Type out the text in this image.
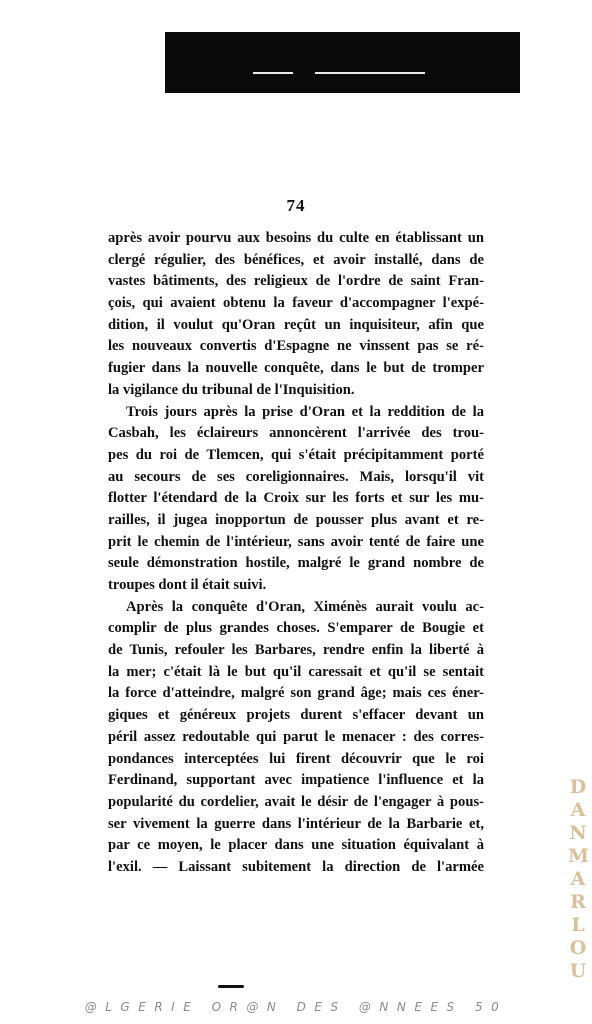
74
après avoir pourvu aux besoins du culte en établissant un
clergé régulier, des bénéfices, et avoir installé, dans de
vastes bâtiments, des religieux de l'ordre de saint Fran-
çois, qui avaient obtenu la faveur d'accompagner l'expé-
dition, il voulut qu'Oran reçût un inquisiteur, afin que
les nouveaux convertis d'Espagne ne vinssent pas se ré-
fugier dans la nouvelle conquête, dans le but de tromper
la vigilance du tribunal de l'Inquisition.
Trois jours après la prise d'Oran et la reddition de la
Casbah, les éclaireurs annoncèrent l'arrivée des trou-
pes du roi de Tlemcen, qui s'était précipitamment porté
au secours de ses coreligionnaires. Mais, lorsqu'il vit
flotter l'étendard de la Croix sur les forts et sur les mu-
railles, il jugea inopportun de pousser plus avant et re-
prit le chemin de l'intérieur, sans avoir tenté de faire une
seule démonstration hostile, malgré le grand nombre de
troupes dont il était suivi.
Après la conquête d'Oran, Ximénès aurait voulu ac-
complir de plus grandes choses. S'emparer de Bougie et
de Tunis, refouler les Barbares, rendre enfin la liberté à
la mer; c'était là le but qu'il caressait et qu'il se sentait
la force d'atteindre, malgré son grand âge; mais ces éner-
giques et généreux projets durent s'effacer devant un
péril assez redoutable qui parut le menacer : des corres-
pondances interceptées lui firent découvrir que le roi
Ferdinand, supportant avec impatience l'influence et la
popularité du cordelier, avait le désir de l'engager à pous-
ser vivement la guerre dans l'intérieur de la Barbarie et,
par ce moyen, le placer dans une situation équivalant à
l'exil. — Laissant subitement la direction de l'armée
D
A
N
M
A
R
L
O
U
@LGERIE OR@N DES @NNEES 50
